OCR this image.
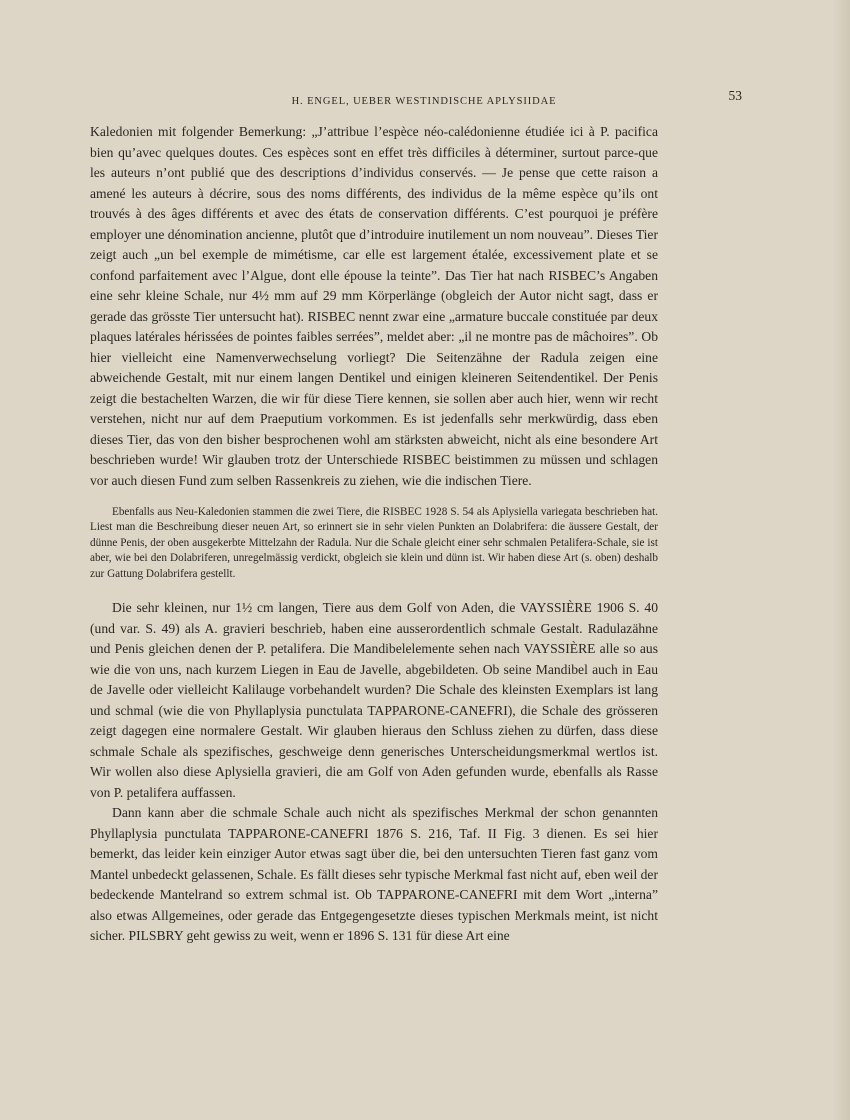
H. ENGEL, UEBER WESTINDISCHE APLYSIIDAE	53

Kaledonien mit folgender Bemerkung: „J’attribue l’espèce néo-calédonienne étudiée ici à P. pacifica bien qu’avec quelques doutes. Ces espèces sont en effet très difficiles à déterminer, surtout parce-que les auteurs n’ont publié que des descriptions d’individus conservés. — Je pense que cette raison a amené les auteurs à décrire, sous des noms différents, des individus de la même espèce qu’ils ont trouvés à des âges différents et avec des états de conservation différents. C’est pourquoi je préfère employer une dénomination ancienne, plutôt que d’introduire inutilement un nom nouveau”. Dieses Tier zeigt auch „un bel exemple de mimétisme, car elle est largement étalée, excessivement plate et se confond parfaitement avec l’Algue, dont elle épouse la teinte”. Das Tier hat nach RISBEC’s Angaben eine sehr kleine Schale, nur 4½ mm auf 29 mm Körperlänge (obgleich der Autor nicht sagt, dass er gerade das grösste Tier untersucht hat). RISBEC nennt zwar eine „armature buccale constituée par deux plaques latérales hérissées de pointes faibles serrées”, meldet aber: „il ne montre pas de mâchoires”. Ob hier vielleicht eine Namenverwechselung vorliegt? Die Seitenzähne der Radula zeigen eine abweichende Gestalt, mit nur einem langen Dentikel und einigen kleineren Seitendentikel. Der Penis zeigt die bestachelten Warzen, die wir für diese Tiere kennen, sie sollen aber auch hier, wenn wir recht verstehen, nicht nur auf dem Praeputium vorkommen. Es ist jedenfalls sehr merkwürdig, dass eben dieses Tier, das von den bisher besprochenen wohl am stärksten abweicht, nicht als eine besondere Art beschrieben wurde! Wir glauben trotz der Unterschiede RISBEC beistimmen zu müssen und schlagen vor auch diesen Fund zum selben Rassenkreis zu ziehen, wie die indischen Tiere.

Ebenfalls aus Neu-Kaledonien stammen die zwei Tiere, die RISBEC 1928 S. 54 als Aplysiella variegata beschrieben hat. Liest man die Beschreibung dieser neuen Art, so erinnert sie in sehr vielen Punkten an Dolabrifera: die äussere Gestalt, der dünne Penis, der oben ausgekerbte Mittelzahn der Radula. Nur die Schale gleicht einer sehr schmalen Petalifera-Schale, sie ist aber, wie bei den Dolabriferen, unregelmässig verdickt, obgleich sie klein und dünn ist. Wir haben diese Art (s. oben) deshalb zur Gattung Dolabrifera gestellt.

Die sehr kleinen, nur 1½ cm langen, Tiere aus dem Golf von Aden, die VAYSSIÈRE 1906 S. 40 (und var. S. 49) als A. gravieri beschrieb, haben eine ausserordentlich schmale Gestalt. Radulazähne und Penis gleichen denen der P. petalifera. Die Mandibelelemente sehen nach VAYSSIÈRE alle so aus wie die von uns, nach kurzem Liegen in Eau de Javelle, abgebildeten. Ob seine Mandibel auch in Eau de Javelle oder vielleicht Kalilauge vorbehandelt wurden? Die Schale des kleinsten Exemplars ist lang und schmal (wie die von Phyllaplysia punctulata TAPPARONE-CANEFRI), die Schale des grösseren zeigt dagegen eine normalere Gestalt. Wir glauben hieraus den Schluss ziehen zu dürfen, dass diese schmale Schale als spezifisches, geschweige denn generisches Unterscheidungsmerkmal wertlos ist. Wir wollen also diese Aplysiella gravieri, die am Golf von Aden gefunden wurde, ebenfalls als Rasse von P. petalifera auffassen.

Dann kann aber die schmale Schale auch nicht als spezifisches Merkmal der schon genannten Phyllaplysia punctulata TAPPARONE-CANEFRI 1876 S. 216, Taf. II Fig. 3 dienen. Es sei hier bemerkt, das leider kein einziger Autor etwas sagt über die, bei den untersuchten Tieren fast ganz vom Mantel unbedeckt gelassenen, Schale. Es fällt dieses sehr typische Merkmal fast nicht auf, eben weil der bedeckende Mantelrand so extrem schmal ist. Ob TAPPARONE-CANEFRI mit dem Wort „interna” also etwas Allgemeines, oder gerade das Entgegengesetzte dieses typischen Merkmals meint, ist nicht sicher. PILSBRY geht gewiss zu weit, wenn er 1896 S. 131 für diese Art eine
